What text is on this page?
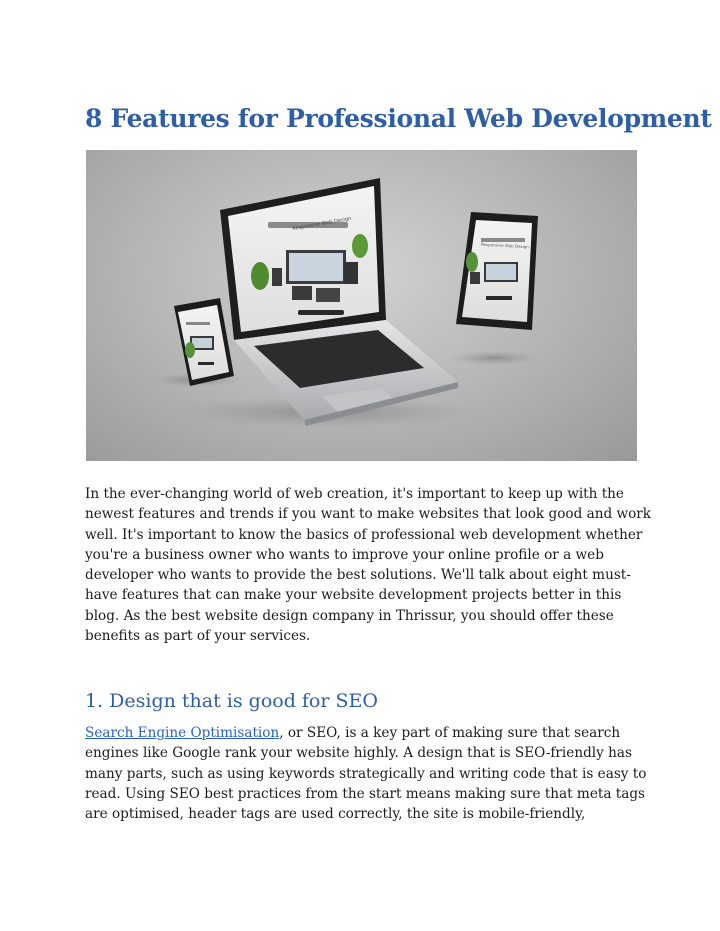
8 Features for Professional Web Development
Responsive Web Design
Responsive Web Design

In the ever-changing world of web creation, it's important to keep up with the newest features and trends if you want to make websites that look good and work well. It's important to know the basics of professional web development whether you're a business owner who wants to improve your online profile or a web developer who wants to provide the best solutions. We'll talk about eight must-have features that can make your website development projects better in this blog. As the best website design company in Thrissur, you should offer these benefits as part of your services.

1. Design that is good for SEO

Search Engine Optimisation, or SEO, is a key part of making sure that search engines like Google rank your website highly. A design that is SEO-friendly has many parts, such as using keywords strategically and writing code that is easy to read. Using SEO best practices from the start means making sure that meta tags are optimised, header tags are used correctly, the site is mobile-friendly,
